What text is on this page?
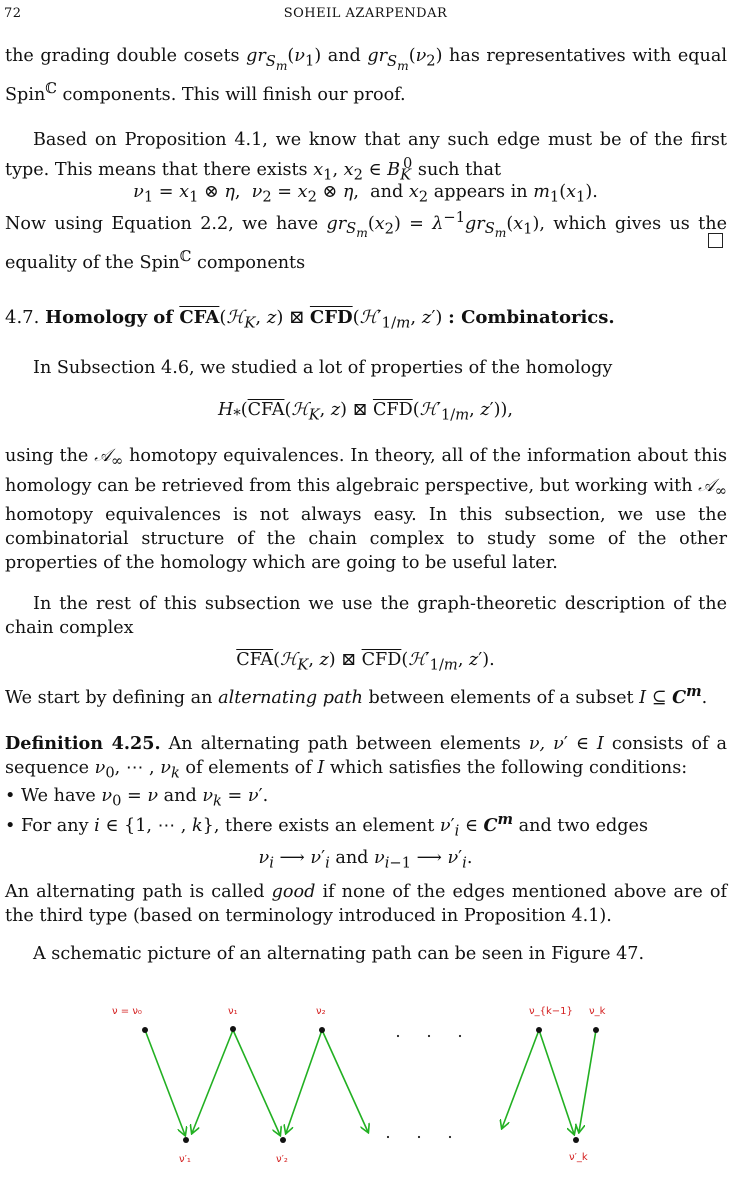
72	SOHEIL AZARPENDAR
the grading double cosets $gr_{S_m}(\nu_1)$ and $gr_{S_m}(\nu_2)$ has representatives with equal Spin$^ℂ$ components. This will finish our proof.
Based on Proposition 4.1, we know that any such edge must be of the first type. This means that there exists $x_1$, $x_2$ ∈ $B_K^0$ such that
$\nu_1 = x_1$ ⊗ η,  $\nu_2 = x_2$ ⊗ η,  and $x_2$ appears in $m_1(x_1)$.
Now using Equation 2.2, we have $gr_{S_m}(x_2) = \lambda^{-1}gr_{S_m}(x_1)$, which gives us the equality of the Spin$^ℂ$ components
4.7. Homology of $\overline{CFA}(ℋ_K$, z) ⊠ $\overline{CFD}(ℋ'_{1/m}$, z′) : Combinatorics.
In Subsection 4.6, we studied a lot of properties of the homology
$H_*(\overline{CFA}(ℋ_K$, z) ⊠ $\overline{CFD}(ℋ'_{1/m}$, z′)),
using the 𝒜$_\infty$ homotopy equivalences. In theory, all of the information about this homology can be retrieved from this algebraic perspective, but working with 𝒜$_\infty$ homotopy equivalences is not always easy. In this subsection, we use the combinatorial structure of the chain complex to study some of the other properties of the homology which are going to be useful later.
In the rest of this subsection we use the graph-theoretic description of the chain complex
$\overline{CFA}(ℋ_K$, z) ⊠ $\overline{CFD}(ℋ'_{1/m}$, z′).
We start by defining an alternating path between elements of a subset I ⊆ $C^m$.
Definition 4.25. An alternating path between elements ν, ν′ ∈ I consists of a sequence $\nu_0$, ⋯ , $\nu_k$ of elements of I which satisfies the following conditions:
• We have $\nu_0 = \nu$ and $\nu_k = \nu'$.
• For any i ∈ {1, ⋯ , k}, there exists an element $\nu'_i$ ∈ $C^m$ and two edges
$\nu_i$ ⟶ $\nu'_i$ and $\nu_{i-1}$ ⟶ $\nu'_i$.
An alternating path is called good if none of the edges mentioned above are of the third type (based on terminology introduced in Proposition 4.1).
A schematic picture of an alternating path can be seen in Figure 47.
ν = ν₀	ν₁	ν₂	ν_{k−1} ν_k
ν′₁	ν′₂	ν′_k
